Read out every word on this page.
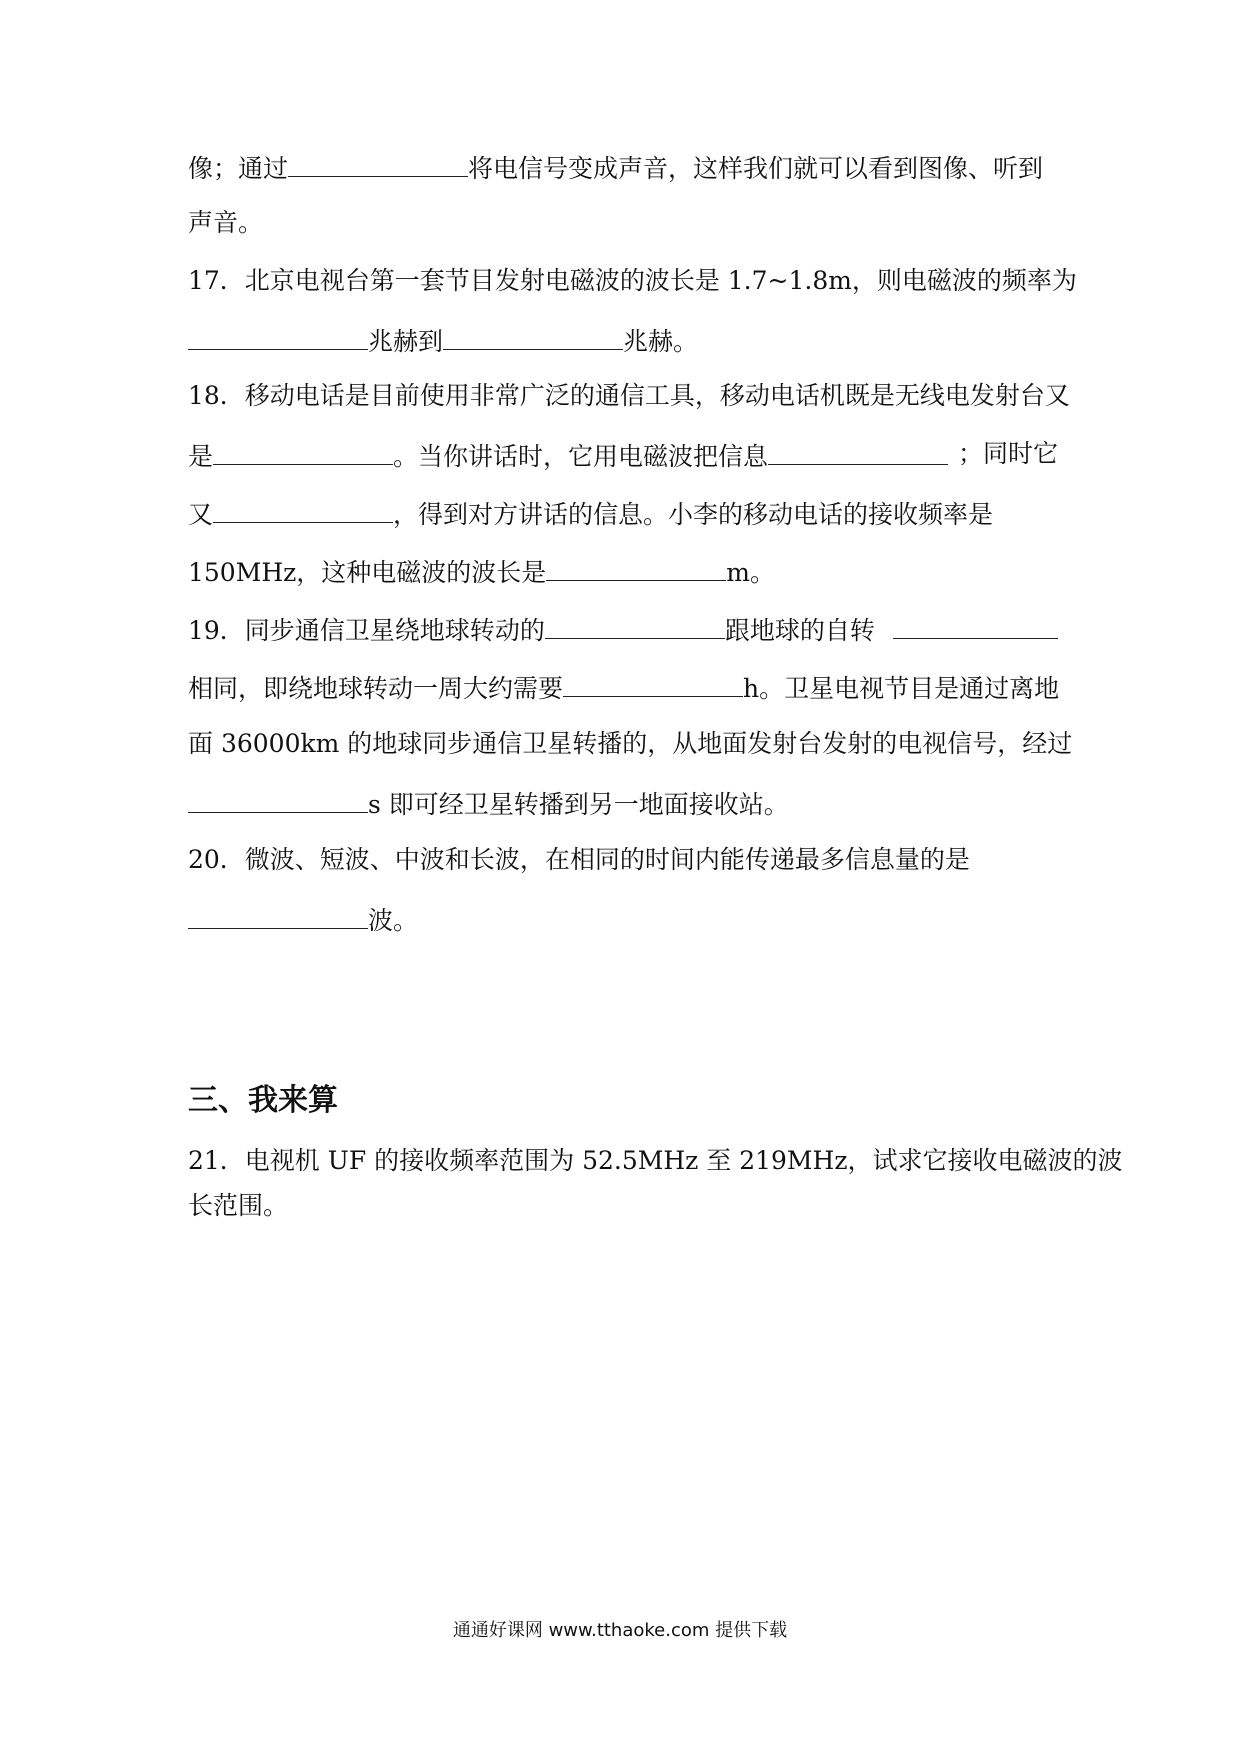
像；通过	将电信号变成声音，这样我们就可以看到图像、听到
声音。
17．北京电视台第一套节目发射电磁波的波长是 1.7~1.8m，则电磁波的频率为
兆赫到	兆赫。
18．移动电话是目前使用非常广泛的通信工具，移动电话机既是无线电发射台又
是	。当你讲话时，它用电磁波把信息	；同时它
又	，得到对方讲话的信息。小李的移动电话的接收频率是
150MHz，这种电磁波的波长是	m。
19．同步通信卫星绕地球转动的	跟地球的自转
相同，即绕地球转动一周大约需要	h。卫星电视节目是通过离地
面 36000km 的地球同步通信卫星转播的，从地面发射台发射的电视信号，经过
s 即可经卫星转播到另一地面接收站。
20．微波、短波、中波和长波，在相同的时间内能传递最多信息量的是
波。
三、我来算
21．电视机 UF 的接收频率范围为 52.5MHz 至 219MHz，试求它接收电磁波的波
长范围。
通通好课网 www.tthaoke.com 提供下载
